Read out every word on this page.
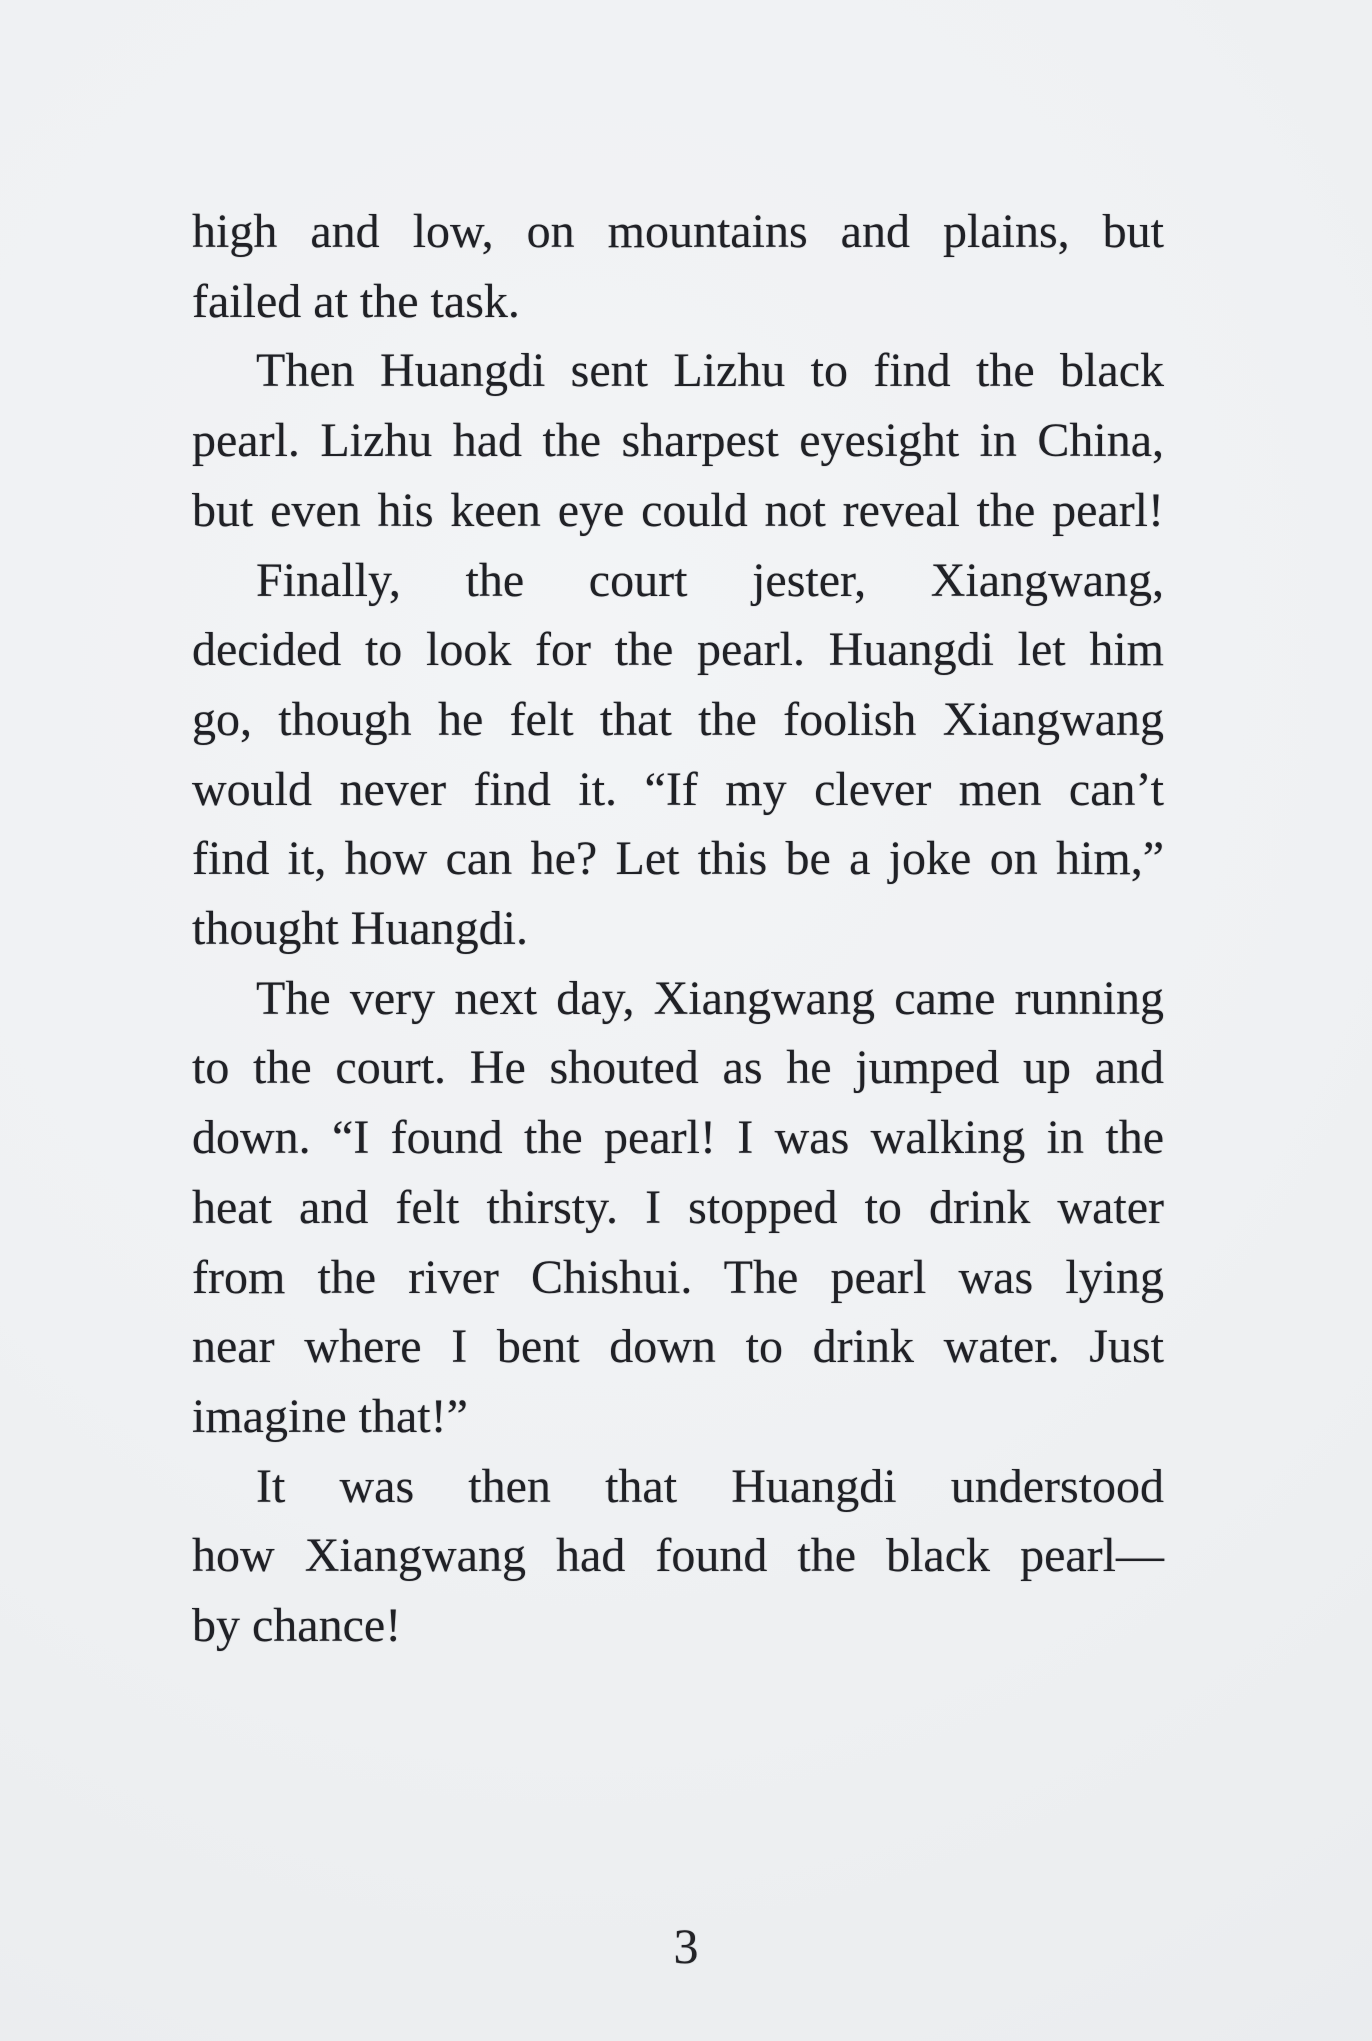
high and low, on mountains and plains, but
failed at the task.
Then Huangdi sent Lizhu to find the black
pearl. Lizhu had the sharpest eyesight in China,
but even his keen eye could not reveal the pearl!
Finally, the court jester, Xiangwang,
decided to look for the pearl. Huangdi let him
go, though he felt that the foolish Xiangwang
would never find it. “If my clever men can’t
find it, how can he? Let this be a joke on him,”
thought Huangdi.
The very next day, Xiangwang came running
to the court. He shouted as he jumped up and
down. “I found the pearl! I was walking in the
heat and felt thirsty. I stopped to drink water
from the river Chishui. The pearl was lying
near where I bent down to drink water. Just
imagine that!”
It was then that Huangdi understood
how Xiangwang had found the black pearl—
by chance!
3
